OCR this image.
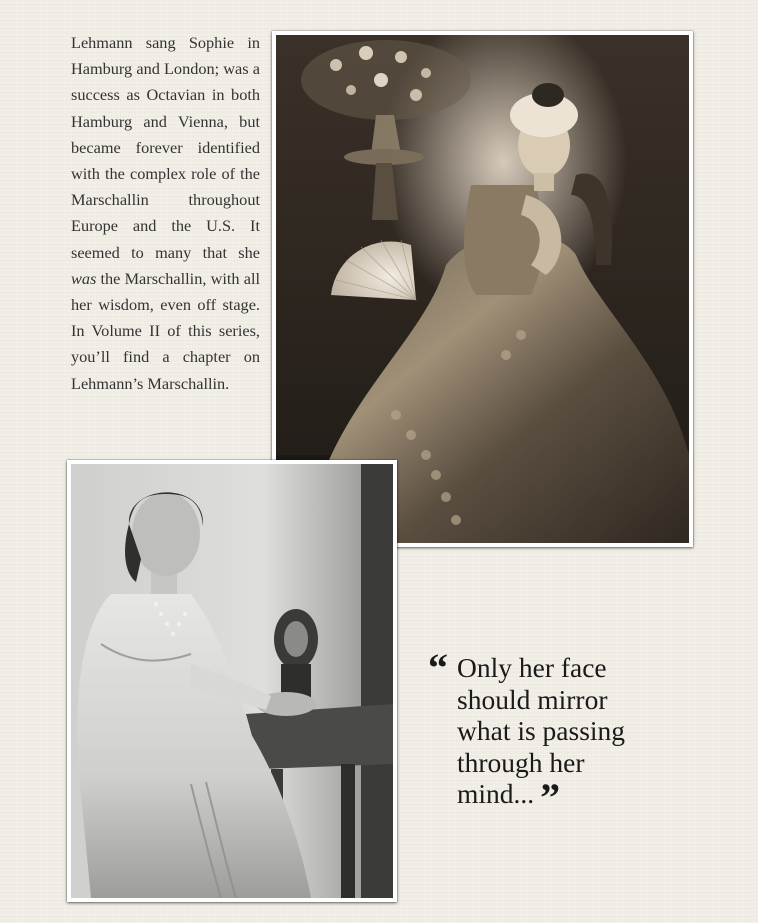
Lehmann sang Sophie in Hamburg and London; was a success as Octavian in both Hamburg and Vienna, but became forever identified with the complex role of the Marschallin throughout Europe and the U.S. It seemed to many that she was the Marschallin, with all her wisdom, even off stage. In Volume II of this series, you’ll find a chapter on Lehmann’s Marschallin.
“ Only her face should mirror what is passing through her mind... ”
